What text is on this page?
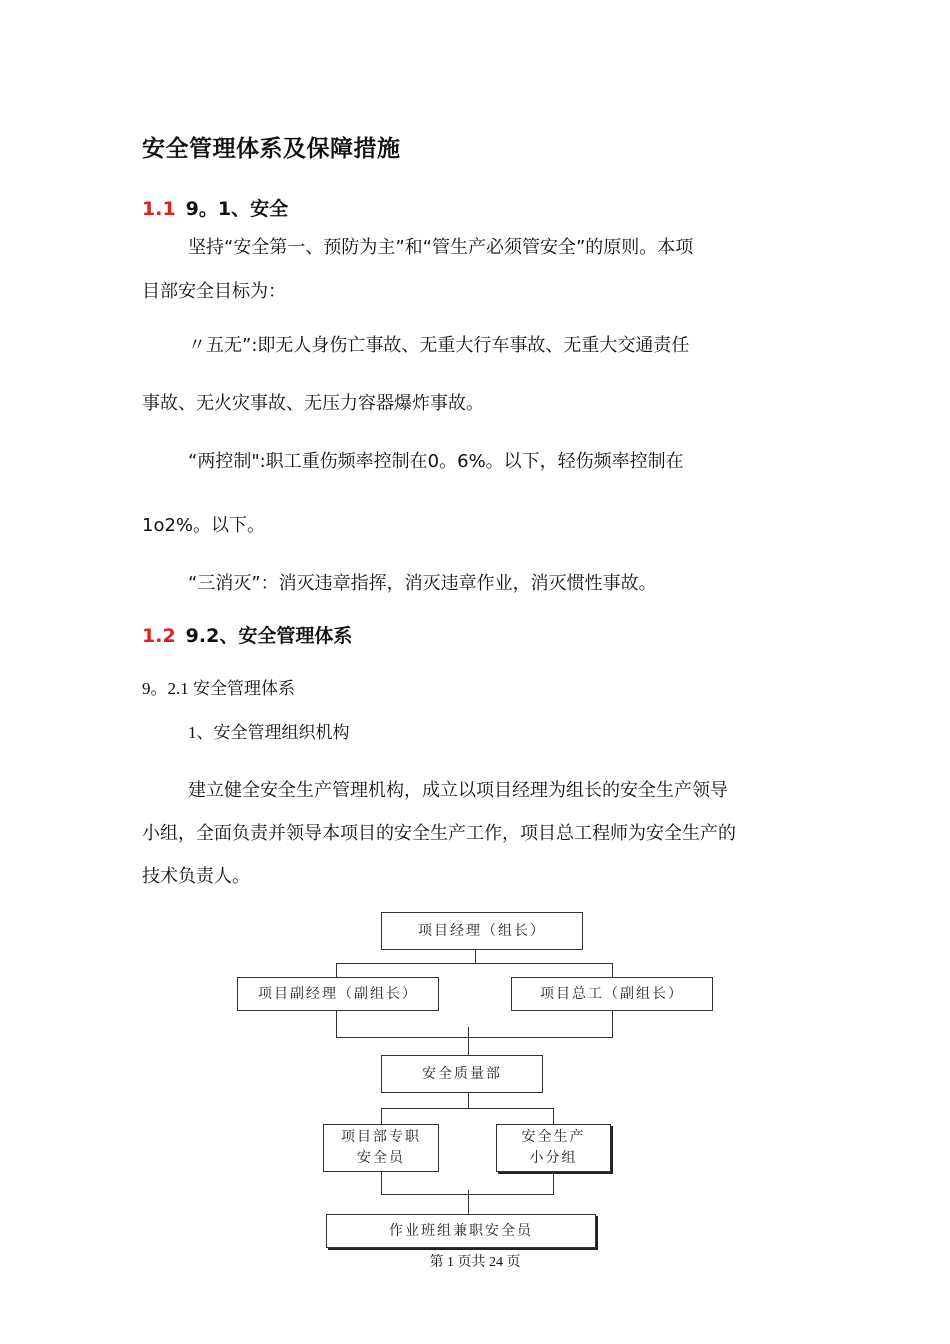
安全管理体系及保障措施
1.1 9。1、安全
坚持“安全第一、预防为主”和“管生产必须管安全”的原则。本项
目部安全目标为：
〃五无”:即无人身伤亡事故、无重大行车事故、无重大交通责任
事故、无火灾事故、无压力容器爆炸事故。
“两控制":职工重伤频率控制在0。6%。以下，轻伤频率控制在
1o2%。以下。
“三消灭”：消灭违章指挥，消灭违章作业，消灭惯性事故。
1.2 9.2、安全管理体系
9。2.1 安全管理体系
1、安全管理组织机构
建立健全安全生产管理机构，成立以项目经理为组长的安全生产领导
小组，全面负责并领导本项目的安全生产工作，项目总工程师为安全生产的
技术负责人。
项目经理（组长）
项目副经理（副组长）	项目总工（副组长）
安全质量部
项目部专职
安全员
安全生产
小分组
作业班组兼职安全员
第 1 页共 24 页
